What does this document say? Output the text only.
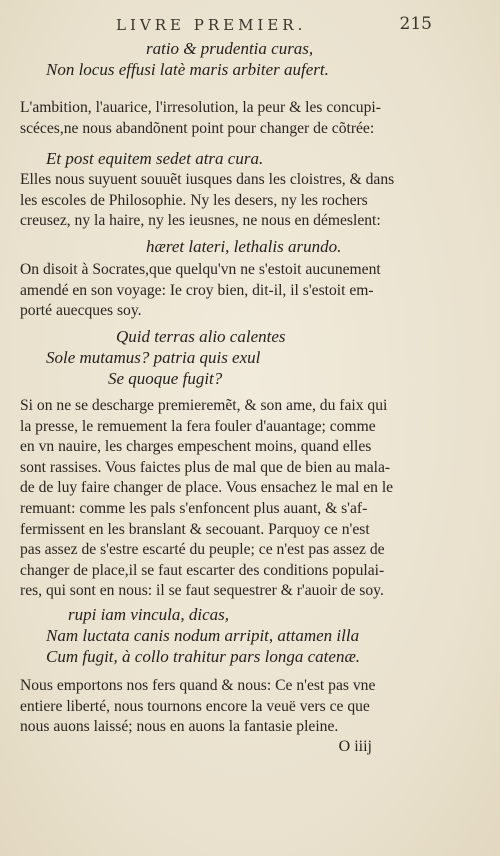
LIVRE PREMIER.	215

ratio & prudentia curas,

Non locus effusi latè maris arbiter aufert.

L'ambition, l'auarice, l'irresolution, la peur & les concupi-

scéces,ne nous abandõnent point pour changer de cõtrée:

Et post equitem sedet atra cura.

Elles nous suyuent souuẽt iusques dans les cloistres, & dans

les escoles de Philosophie. Ny les desers, ny les rochers

creusez, ny la haire, ny les ieusnes, ne nous en démeslent:

hæret lateri, lethalis arundo.

On disoit à Socrates,que quelqu'vn ne s'estoit aucunement

amendé en son voyage: Ie croy bien, dit-il, il s'estoit em-

porté auecques soy.

Quid terras alio calentes

Sole mutamus? patria quis exul

Se quoque fugit?

Si on ne se descharge premieremẽt, & son ame, du faix qui

la presse, le remuement la fera fouler d'auantage; comme

en vn nauire, les charges empeschent moins, quand elles

sont rassises. Vous faictes plus de mal que de bien au mala-

de de luy faire changer de place. Vous ensachez le mal en le

remuant: comme les pals s'enfoncent plus auant, & s'af-

fermissent en les branslant & secouant. Parquoy ce n'est

pas assez de s'estre escarté du peuple; ce n'est pas assez de

changer de place,il se faut escarter des conditions populai-

res, qui sont en nous: il se faut sequestrer & r'auoir de soy.

rupi iam vincula, dicas,

Nam luctata canis nodum arripit, attamen illa

Cum fugit, à collo trahitur pars longa catenæ.

Nous emportons nos fers quand & nous: Ce n'est pas vne

entiere liberté, nous tournons encore la veuë vers ce que

nous auons laissé; nous en auons la fantasie pleine.

O iiij
